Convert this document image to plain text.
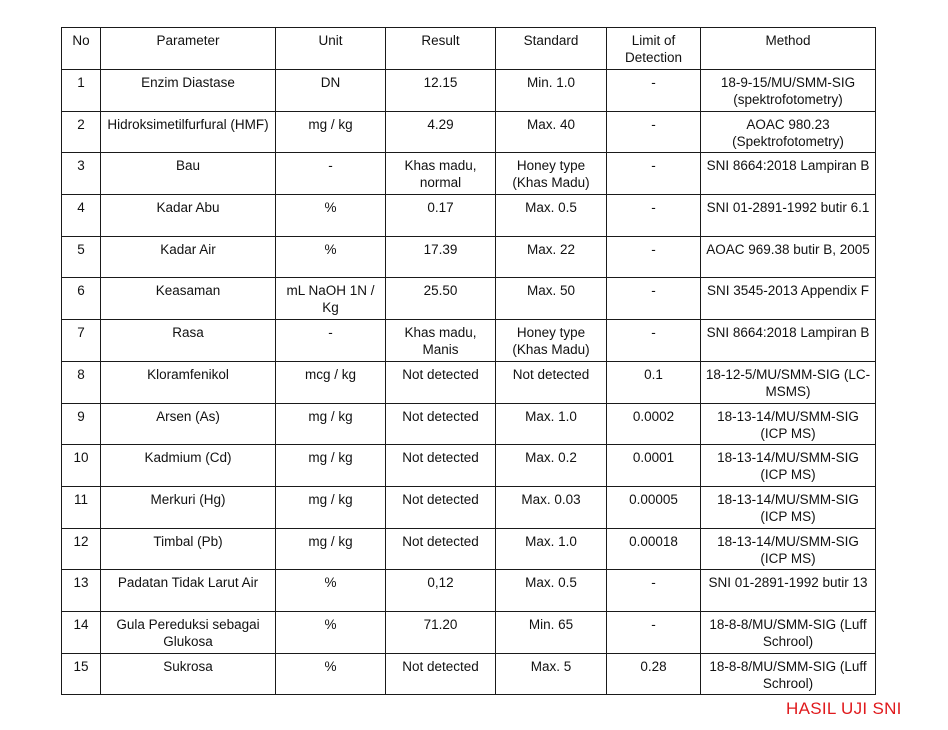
No	Parameter	Unit	Result	Standard	Limit of Detection	Method
1	Enzim Diastase	DN	12.15	Min. 1.0	-	18-9-15/MU/SMM-SIG (spektrofotometry)
2	Hidroksimetilfurfural (HMF)	mg / kg	4.29	Max. 40	-	AOAC 980.23 (Spektrofotometry)
3	Bau	-	Khas madu, normal	Honey type (Khas Madu)	-	SNI 8664:2018 Lampiran B
4	Kadar Abu	%	0.17	Max. 0.5	-	SNI 01-2891-1992 butir 6.1
5	Kadar Air	%	17.39	Max. 22	-	AOAC 969.38 butir B, 2005
6	Keasaman	mL NaOH 1N / Kg	25.50	Max. 50	-	SNI 3545-2013 Appendix F
7	Rasa	-	Khas madu, Manis	Honey type (Khas Madu)	-	SNI 8664:2018 Lampiran B
8	Kloramfenikol	mcg / kg	Not detected	Not detected	0.1	18-12-5/MU/SMM-SIG (LC-MSMS)
9	Arsen (As)	mg / kg	Not detected	Max. 1.0	0.0002	18-13-14/MU/SMM-SIG (ICP MS)
10	Kadmium (Cd)	mg / kg	Not detected	Max. 0.2	0.0001	18-13-14/MU/SMM-SIG (ICP MS)
11	Merkuri (Hg)	mg / kg	Not detected	Max. 0.03	0.00005	18-13-14/MU/SMM-SIG (ICP MS)
12	Timbal (Pb)	mg / kg	Not detected	Max. 1.0	0.00018	18-13-14/MU/SMM-SIG (ICP MS)
13	Padatan Tidak Larut Air	%	0,12	Max. 0.5	-	SNI 01-2891-1992 butir 13
14	Gula Pereduksi sebagai Glukosa	%	71.20	Min. 65	-	18-8-8/MU/SMM-SIG (Luff Schrool)
15	Sukrosa	%	Not detected	Max. 5	0.28	18-8-8/MU/SMM-SIG (Luff Schrool)
HASIL UJI SNI
